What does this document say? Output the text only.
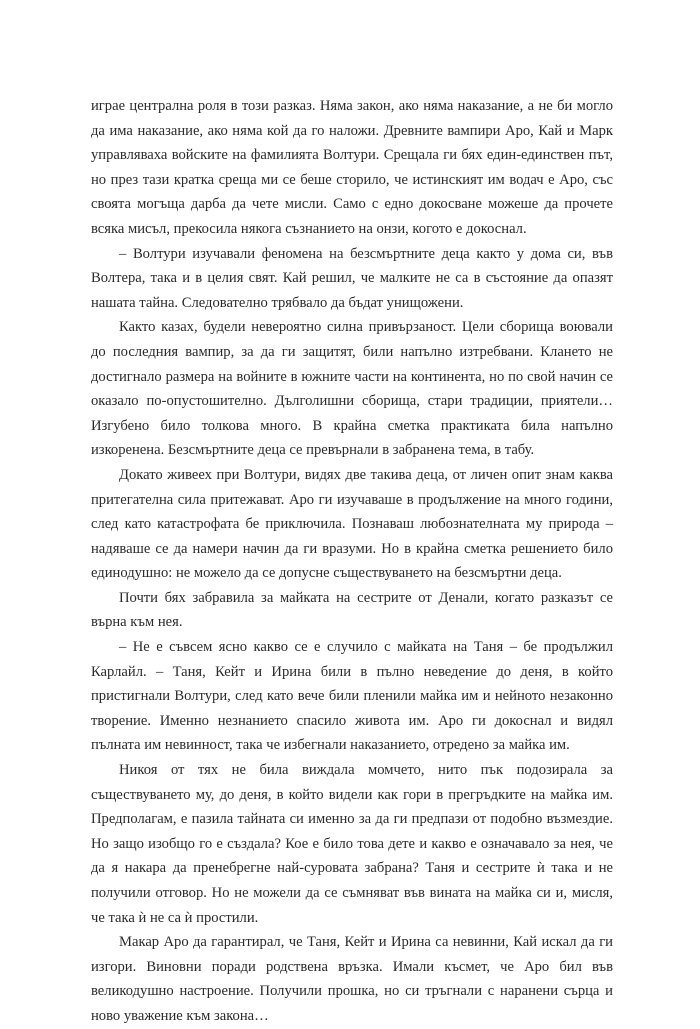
играе централна роля в този разказ. Няма закон, ако няма наказание, а не би могло да има наказание, ако няма кой да го наложи. Древните вампири Аро, Кай и Марк управляваха войските на фамилията Волтури. Срещала ги бях един-единствен път, но през тази кратка среща ми се беше сторило, че истинският им водач е Аро, със своята могъща дарба да чете мисли. Само с едно докосване можеше да прочете всяка мисъл, прекосила някога съзнанието на онзи, когото е докоснал.

– Волтури изучавали феномена на безсмъртните деца както у дома си, във Волтера, така и в целия свят. Кай решил, че малките не са в състояние да опазят нашата тайна. Следователно трябвало да бъдат унищожени.

Както казах, будели невероятно силна привързаност. Цели сборища воювали до последния вампир, за да ги защитят, били напълно изтребвани. Кланeто не достигнало размера на войните в южните части на континента, но по свой начин се оказало по-опустошително. Дълголишни сборища, стари традиции, приятели… Изгубено било толкова много. В крайна сметка практиката била напълно изкоренена. Безсмъртните деца се превърнали в забранена тема, в табу.

Докато живеех при Волтури, видях две такива деца, от личен опит знам каква притегателна сила притежават. Аро ги изучаваше в продължение на много години, след като катастрофата бе приключила. Познаваш любознателната му природа – надяваше се да намери начин да ги вразуми. Но в крайна сметка решението било единодушно: не можело да се допусне съществуването на безсмъртни деца.

Почти бях забравила за майката на сестрите от Денали, когато разказът се върна към нея.

– Не е съвсем ясно какво се е случило с майката на Таня – бе продължил Карлайл. – Таня, Кейт и Ирина били в пълно неведение до деня, в който пристигнали Волтури, след като вече били пленили майка им и нейното незаконно творение. Именно незнанието спасило живота им. Аро ги докоснал и видял пълната им невинност, така че избегнали наказанието, отредено за майка им.

Никоя от тях не била виждала момчето, нито пък подозирала за съществуването му, до деня, в който видели как гори в прегръдките на майка им. Предполагам, е пазила тайната си именно за да ги предпази от подобно възмездие. Но защо изобщо го е създала? Кое е било това дете и какво е означавало за нея, че да я накара да пренебрегне най-суровата забрана? Таня и сестрите ѝ така и не получили отговор. Но не можели да се съмняват във вината на майка си и, мисля, че така ѝ не са ѝ простили.

Макар Аро да гарантирал, че Таня, Кейт и Ирина са невинни, Кай искал да ги изгори. Виновни поради родствена връзка. Имали късмет, че Аро бил във великодушно настроение. Получили прошка, но си тръгнали с наранени сърца и ново уважение към закона…
